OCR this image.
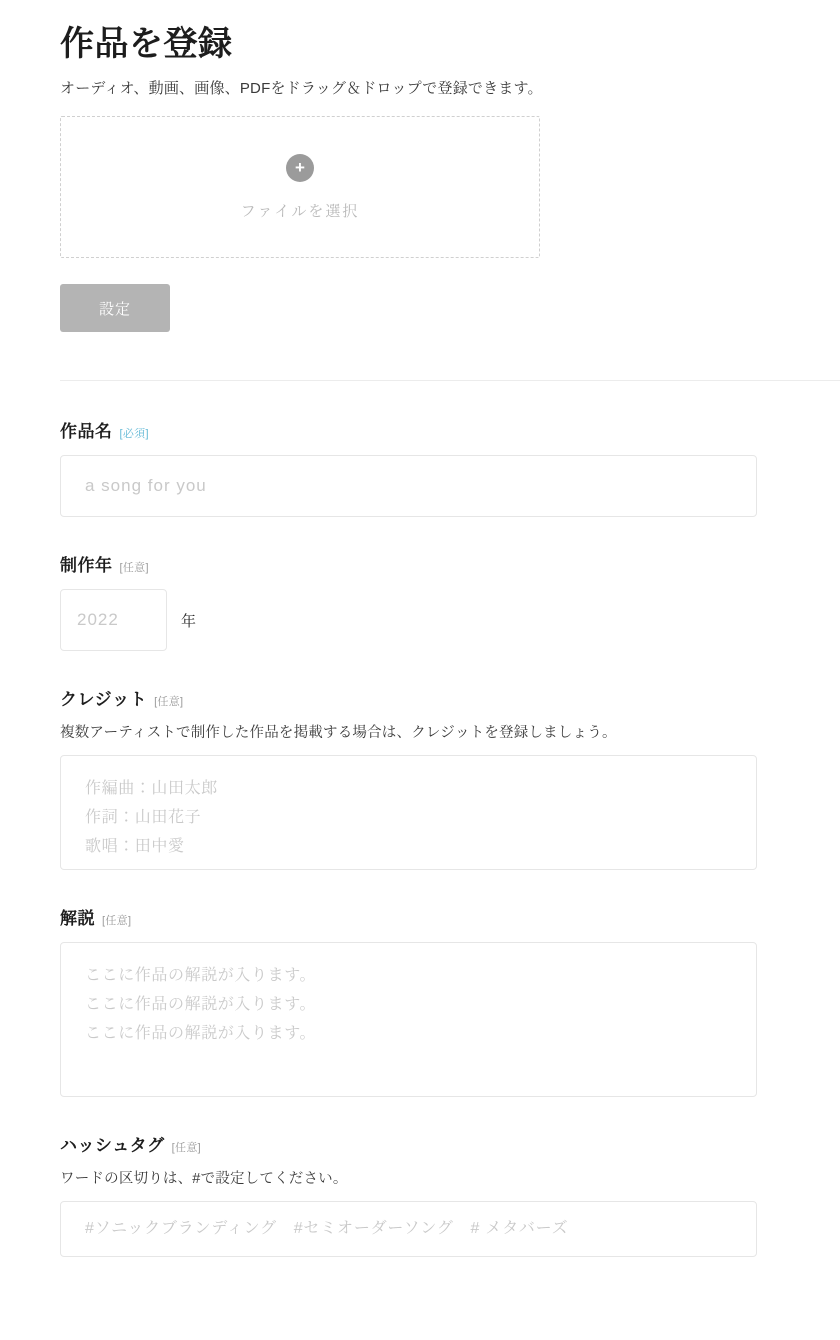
作品を登録

オーディオ、動画、画像、PDFをドラッグ＆ドロップで登録できます。

+
ファイルを選択
設定
作品名 [必須]
a song for you
制作年 [任意]
2022
年
クレジット [任意]
複数アーティストで制作した作品を掲載する場合は、クレジットを登録しましょう。
作編曲：山田太郎 作詞：山田花子 歌唱：田中愛
解説 [任意]
ここに作品の解説が入ります。 ここに作品の解説が入ります。 ここに作品の解説が入ります。
ハッシュタグ [任意]
ワードの区切りは、#で設定してください。
#ソニックブランディング　#セミオーダーソング　# メタバーズ
